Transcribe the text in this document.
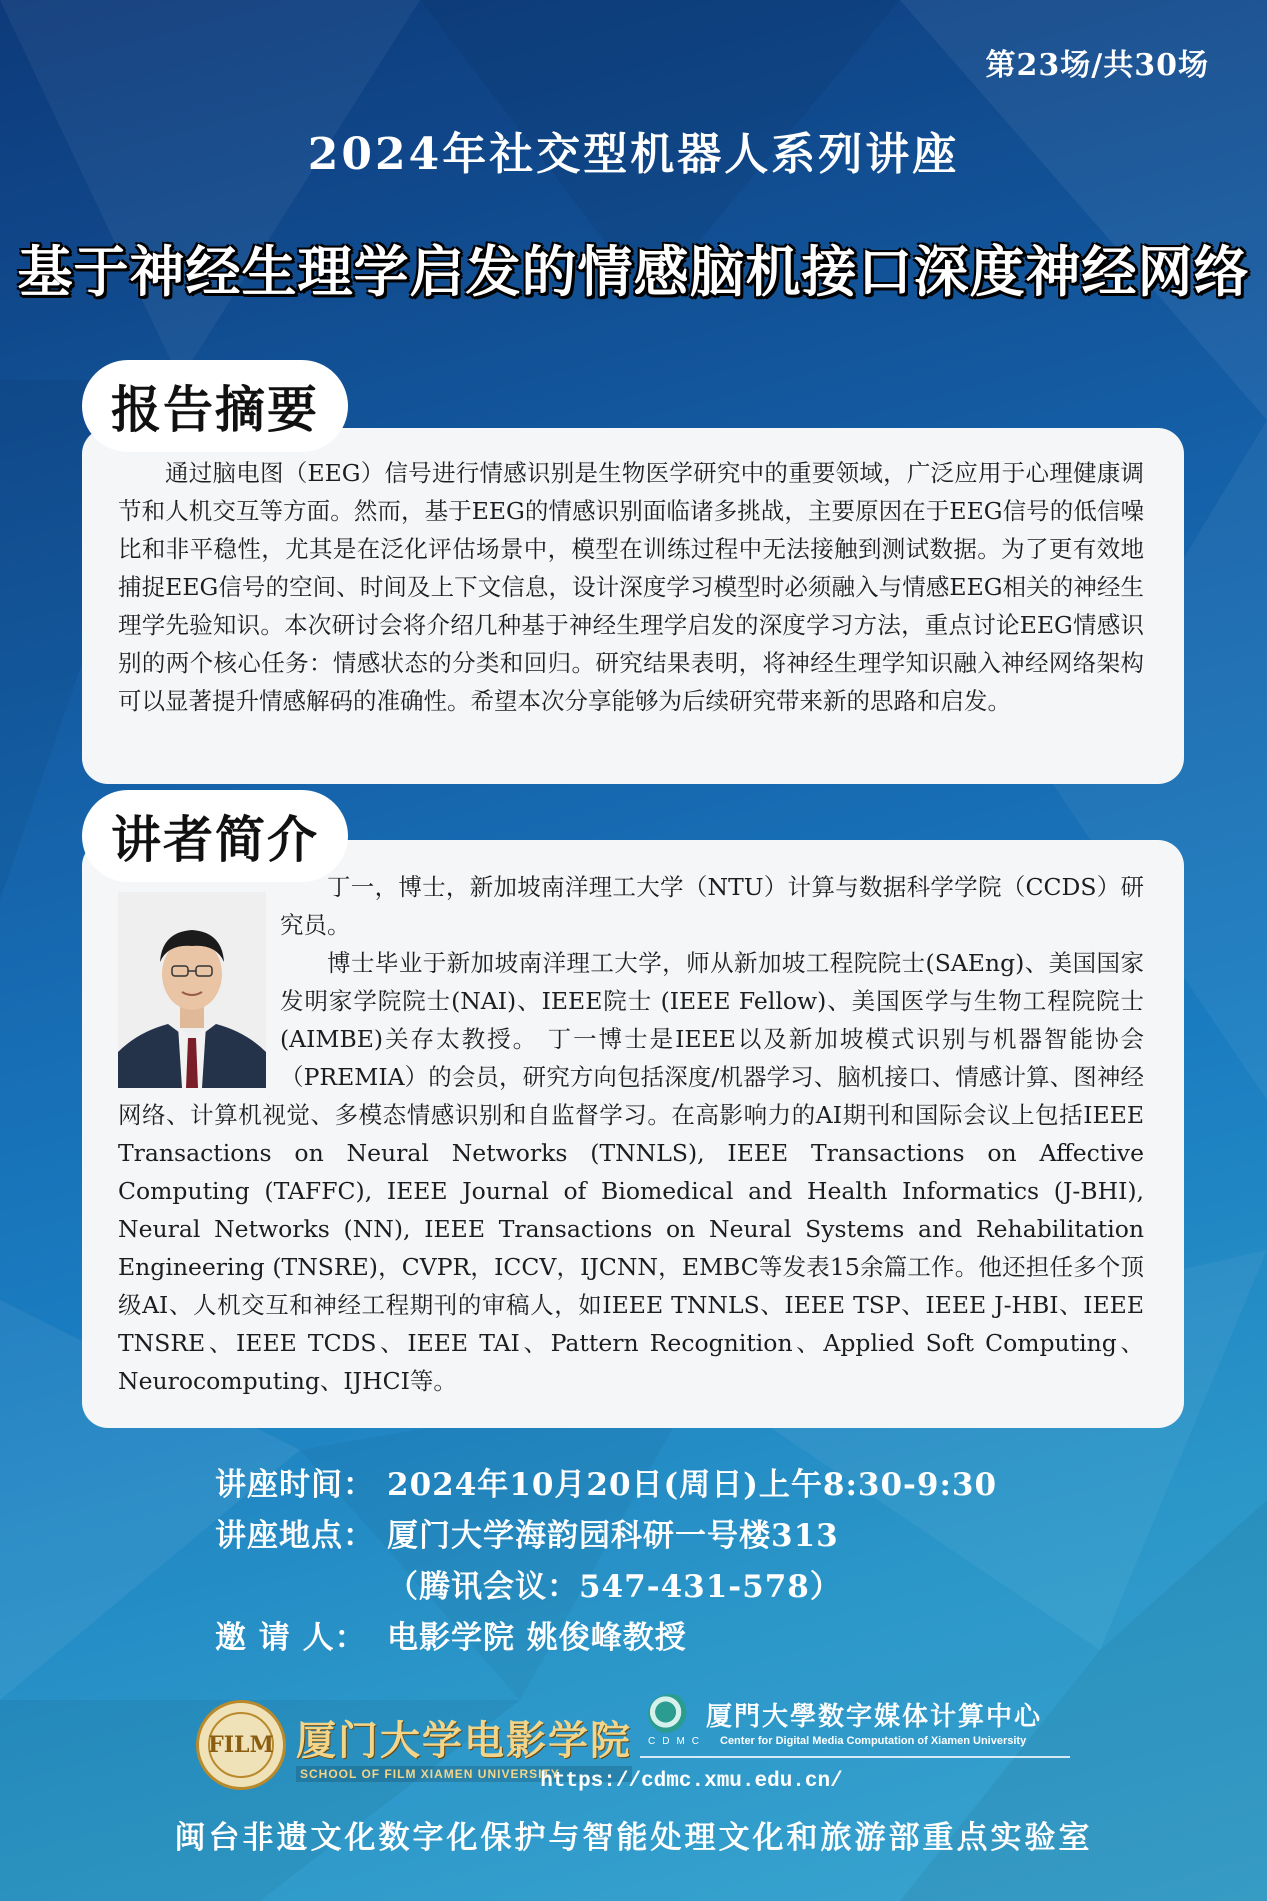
第23场/共30场
2024年社交型机器人系列讲座
基于神经生理学启发的情感脑机接口深度神经网络

通过脑电图（EEG）信号进行情感识别是生物医学研究中的重要领域，广泛应用于心理健康调节和人机交互等方面。然而，基于EEG的情感识别面临诸多挑战，主要原因在于EEG信号的低信噪比和非平稳性，尤其是在泛化评估场景中，模型在训练过程中无法接触到测试数据。为了更有效地捕捉EEG信号的空间、时间及上下文信息，设计深度学习模型时必须融入与情感EEG相关的神经生理学先验知识。本次研讨会将介绍几种基于神经生理学启发的深度学习方法，重点讨论EEG情感识别的两个核心任务：情感状态的分类和回归。研究结果表明，将神经生理学知识融入神经网络架构可以显著提升情感解码的准确性。希望本次分享能够为后续研究带来新的思路和启发。

报告摘要

丁一，博士，新加坡南洋理工大学（NTU）计算与数据科学学院（CCDS）研究员。

博士毕业于新加坡南洋理工大学，师从新加坡工程院院士(SAEng)、美国国家发明家学院院士(NAI)、IEEE院士 (IEEE Fellow)、美国医学与生物工程院院士 (AIMBE)关存太教授。 丁一博士是IEEE以及新加坡模式识别与机器智能协会（PREMIA）的会员，研究方向包括深度/机器学习、脑机接口、情感计算、图神经网络、计算机视觉、多模态情感识别和自监督学习。在高影响力的AI期刊和国际会议上包括IEEE Transactions on Neural Networks (TNNLS), IEEE Transactions on Affective Computing (TAFFC), IEEE Journal of Biomedical and Health Informatics (J-BHI), Neural Networks (NN), IEEE Transactions on Neural Systems and Rehabilitation Engineering (TNSRE)，CVPR，ICCV，IJCNN，EMBC等发表15余篇工作。他还担任多个顶级AI、人机交互和神经工程期刊的审稿人，如IEEE TNNLS、IEEE TSP、IEEE J-HBI、IEEE TNSRE、IEEE TCDS、IEEE TAI、Pattern Recognition、Applied Soft Computing、Neurocomputing、IJHCI等。

讲者简介
讲座时间： 2024年10月20日(周日)上午8:30-9:30
讲座地点： 厦门大学海韵园科研一号楼313
（腾讯会议：547-431-578）
邀 请 人： 电影学院 姚俊峰教授
FILM 厦门大学电影学院
SCHOOL OF FILM XIAMEN UNIVERSITY
厦門大學数字媒体计算中心
CDMC Center for Digital Media Computation of Xiamen University
https://cdmc.xmu.edu.cn/
闽台非遗文化数字化保护与智能处理文化和旅游部重点实验室
